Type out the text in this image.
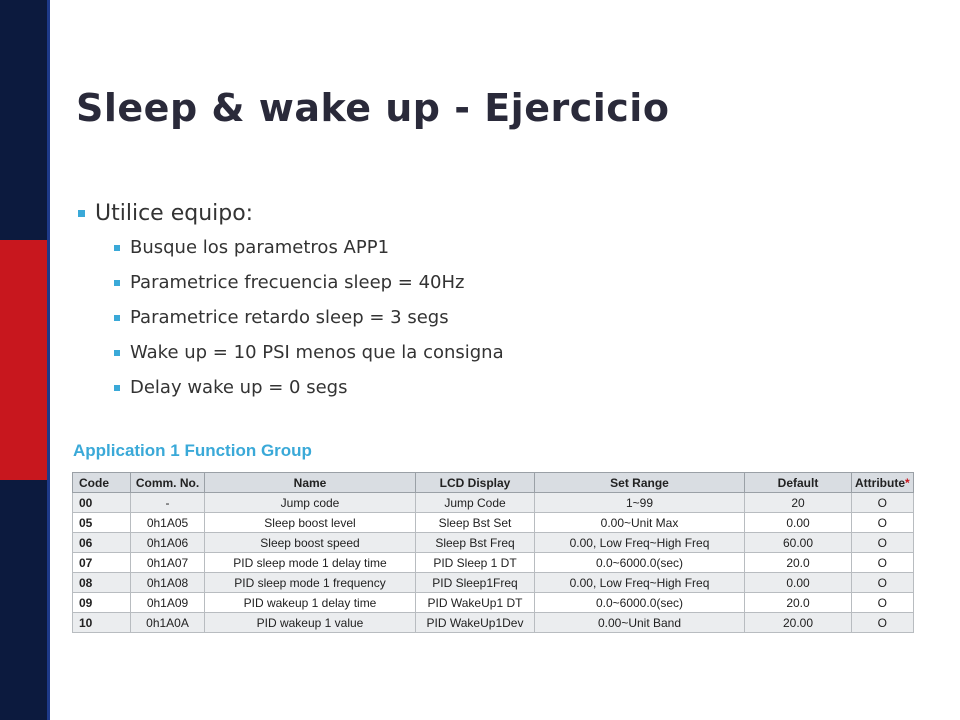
Sleep & wake up - Ejercicio
Utilice equipo:
Busque los parametros APP1
Parametrice frecuencia sleep = 40Hz
Parametrice retardo sleep = 3 segs
Wake up = 10 PSI menos que la consigna
Delay wake up = 0 segs
Application 1 Function Group
Code	Comm. No.	Name	LCD Display	Set Range	Default	Attribute*
00	-	Jump code	Jump Code	1~99	20	O
05	0h1A05	Sleep boost level	Sleep Bst Set	0.00~Unit Max	0.00	O
06	0h1A06	Sleep boost speed	Sleep Bst Freq	0.00, Low Freq~High Freq	60.00	O
07	0h1A07	PID sleep mode 1 delay time	PID Sleep 1 DT	0.0~6000.0(sec)	20.0	O
08	0h1A08	PID sleep mode 1 frequency	PID Sleep1Freq	0.00, Low Freq~High Freq	0.00	O
09	0h1A09	PID wakeup 1 delay time	PID WakeUp1 DT	0.0~6000.0(sec)	20.0	O
10	0h1A0A	PID wakeup 1 value	PID WakeUp1Dev	0.00~Unit Band	20.00	O
